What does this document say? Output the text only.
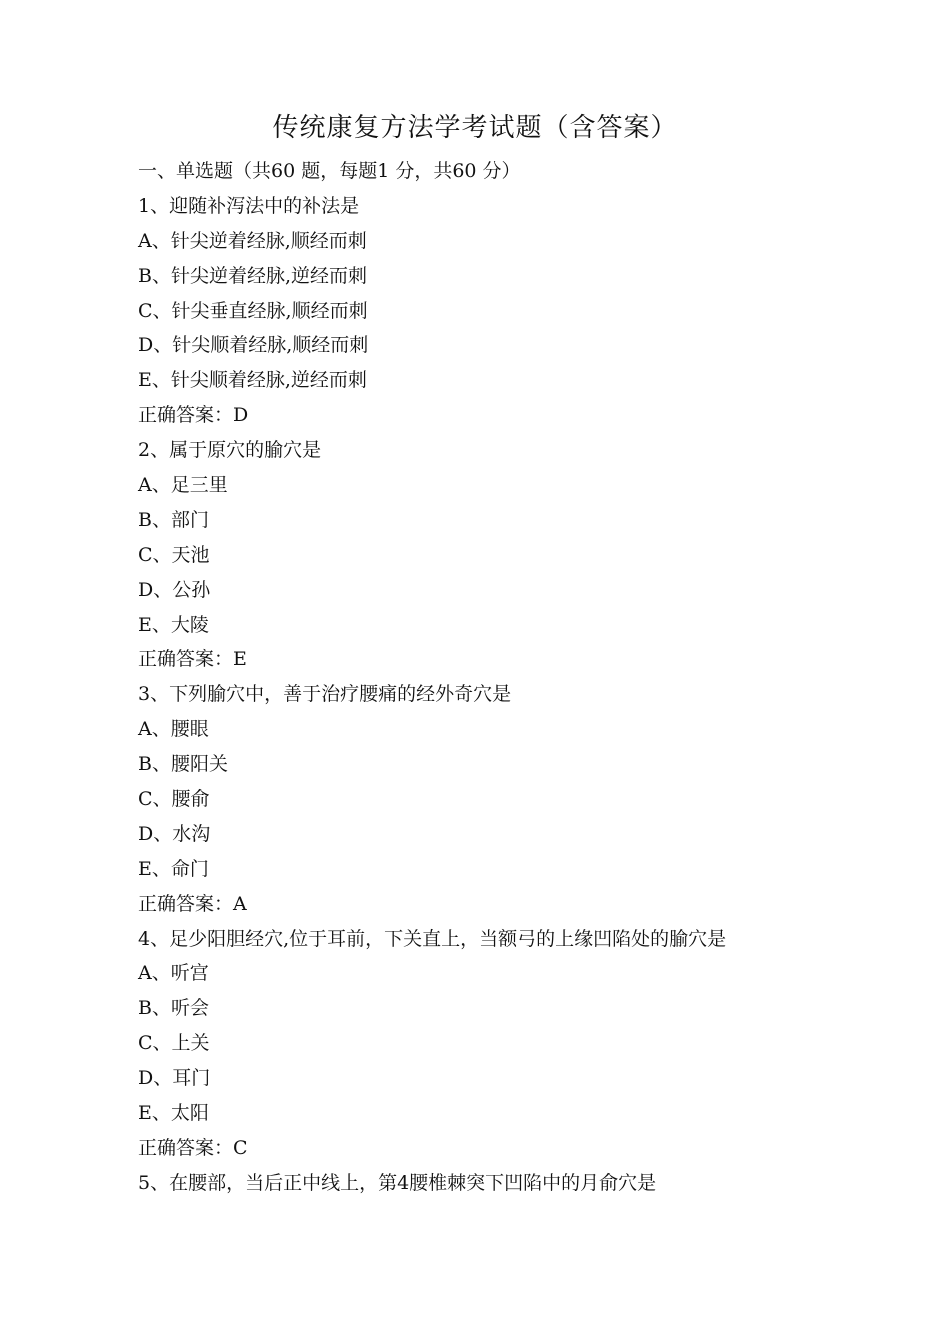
传统康复方法学考试题（含答案）
一、单选题（共60 题，每题1 分，共60 分）
1、迎随补泻法中的补法是
A、针尖逆着经脉,顺经而刺
B、针尖逆着经脉,逆经而刺
C、针尖垂直经脉,顺经而刺
D、针尖顺着经脉,顺经而刺
E、针尖顺着经脉,逆经而刺
正确答案：D
2、属于原穴的腧穴是
A、足三里
B、部门
C、天池
D、公孙
E、大陵
正确答案：E
3、下列腧穴中，善于治疗腰痛的经外奇穴是
A、腰眼
B、腰阳关
C、腰俞
D、水沟
E、命门
正确答案：A
4、足少阳胆经穴,位于耳前，下关直上，当额弓的上缘凹陷处的腧穴是
A、听宫
B、听会
C、上关
D、耳门
E、太阳
正确答案：C
5、在腰部，当后正中线上，第4腰椎棘突下凹陷中的月俞穴是
